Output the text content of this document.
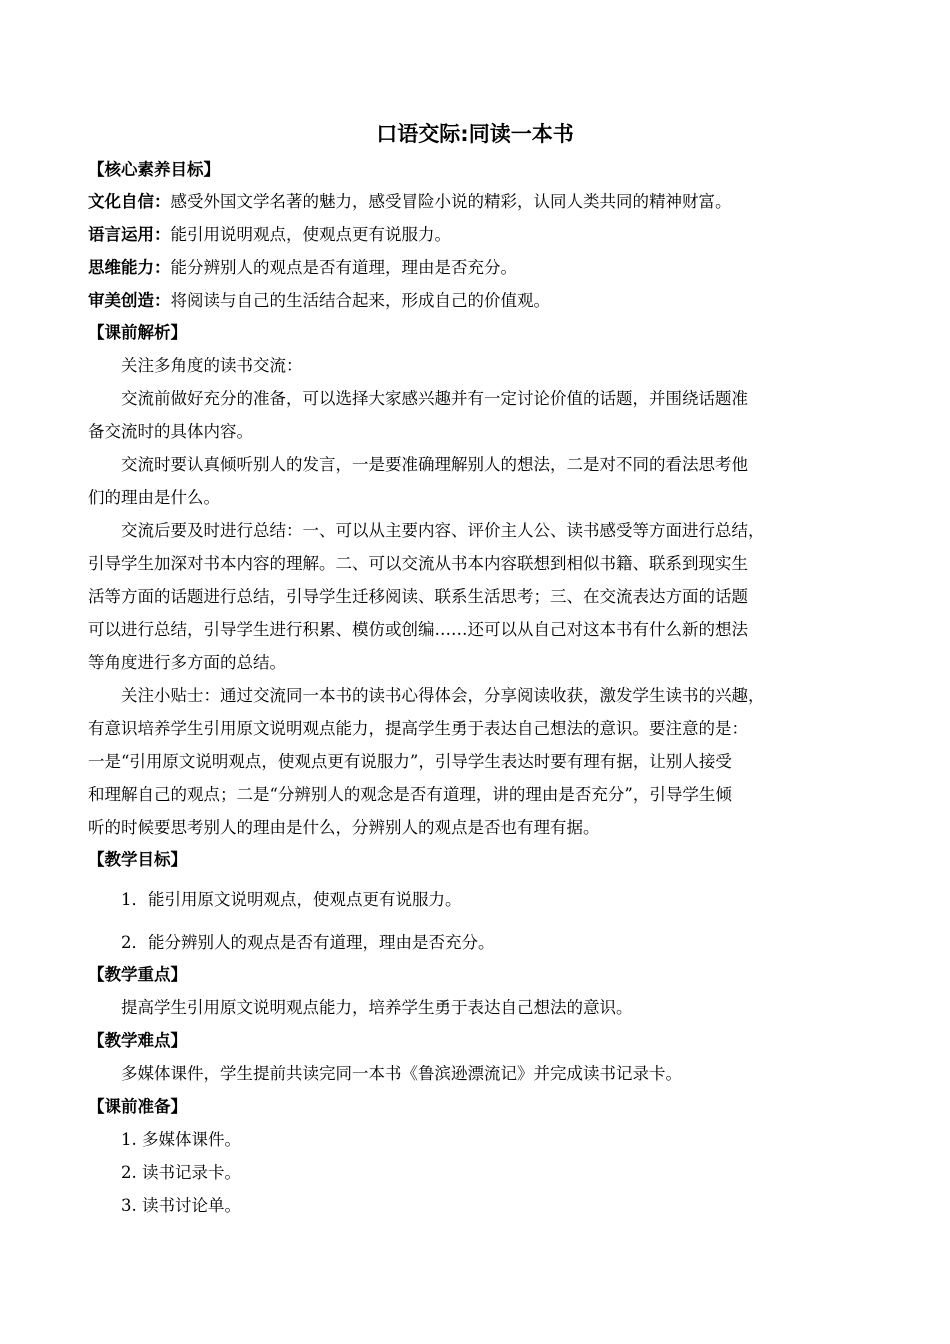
口语交际:同读一本书
【核心素养目标】
文化自信：感受外国文学名著的魅力，感受冒险小说的精彩，认同人类共同的精神财富。
语言运用：能引用说明观点，使观点更有说服力。
思维能力：能分辨别人的观点是否有道理，理由是否充分。
审美创造：将阅读与自己的生活结合起来，形成自己的价值观。
【课前解析】
关注多角度的读书交流：
交流前做好充分的准备，可以选择大家感兴趣并有一定讨论价值的话题，并围绕话题准
备交流时的具体内容。
交流时要认真倾听别人的发言，一是要准确理解别人的想法，二是对不同的看法思考他
们的理由是什么。
交流后要及时进行总结：一、可以从主要内容、评价主人公、读书感受等方面进行总结，
引导学生加深对书本内容的理解。二、可以交流从书本内容联想到相似书籍、联系到现实生
活等方面的话题进行总结，引导学生迁移阅读、联系生活思考；三、在交流表达方面的话题
可以进行总结，引导学生进行积累、模仿或创编……还可以从自己对这本书有什么新的想法
等角度进行多方面的总结。
关注小贴士：通过交流同一本书的读书心得体会，分享阅读收获，激发学生读书的兴趣，
有意识培养学生引用原文说明观点能力，提高学生勇于表达自己想法的意识。要注意的是：
一是“引用原文说明观点，使观点更有说服力”，引导学生表达时要有理有据，让别人接受
和理解自己的观点；二是“分辨别人的观念是否有道理，讲的理由是否充分”，引导学生倾
听的时候要思考别人的理由是什么，分辨别人的观点是否也有理有据。
【教学目标】
1．能引用原文说明观点，使观点更有说服力。
2．能分辨别人的观点是否有道理，理由是否充分。
【教学重点】
提高学生引用原文说明观点能力，培养学生勇于表达自己想法的意识。
【教学难点】
多媒体课件，学生提前共读完同一本书《鲁滨逊漂流记》并完成读书记录卡。
【课前准备】
1. 多媒体课件。
2. 读书记录卡。
3. 读书讨论单。
